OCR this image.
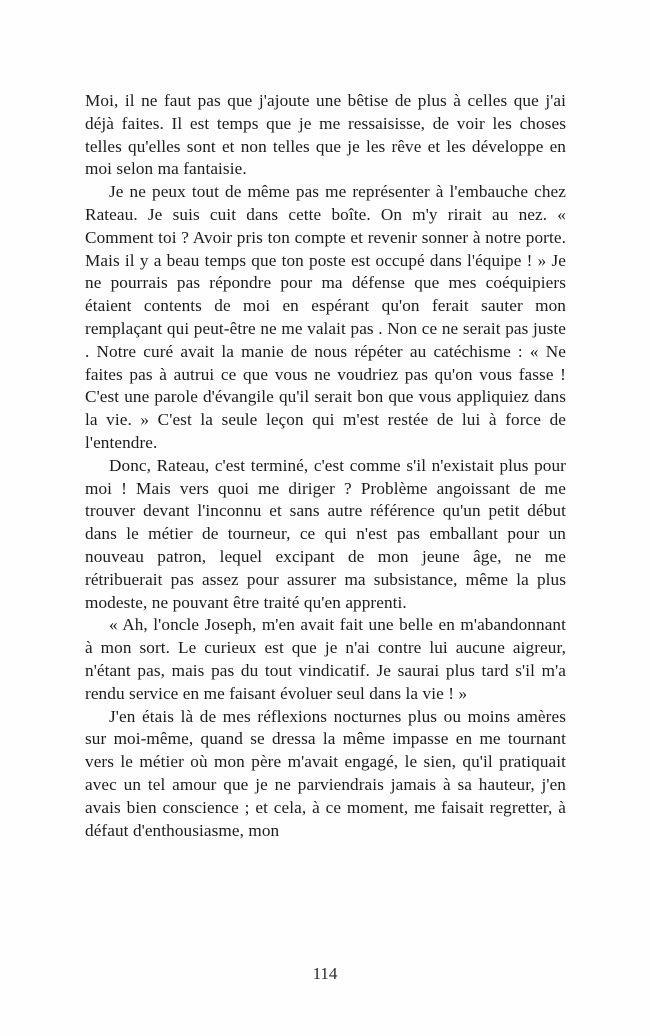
Moi, il ne faut pas que j'ajoute une bêtise de plus à celles que j'ai déjà faites. Il est temps que je me ressaisisse, de voir les choses telles qu'elles sont et non telles que je les rêve et les développe en moi selon ma fantaisie.

Je ne peux tout de même pas me représenter à l'embauche chez Rateau. Je suis cuit dans cette boîte. On m'y rirait au nez. « Comment toi ? Avoir pris ton compte et revenir sonner à notre porte. Mais il y a beau temps que ton poste est occupé dans l'équipe ! » Je ne pourrais pas répondre pour ma défense que mes coéquipiers étaient contents de moi en espérant qu'on ferait sauter mon remplaçant qui peut-être ne me valait pas . Non ce ne serait pas juste . Notre curé avait la manie de nous répéter au catéchisme : « Ne faites pas à autrui ce que vous ne voudriez pas qu'on vous fasse ! C'est une parole d'évangile qu'il serait bon que vous appliquiez dans la vie. » C'est la seule leçon qui m'est restée de lui à force de l'entendre.

Donc, Rateau, c'est terminé, c'est comme s'il n'existait plus pour moi ! Mais vers quoi me diriger ? Problème angoissant de me trouver devant l'inconnu et sans autre référence qu'un petit début dans le métier de tourneur, ce qui n'est pas emballant pour un nouveau patron, lequel excipant de mon jeune âge, ne me rétribuerait pas assez pour assurer ma subsistance, même la plus modeste, ne pouvant être traité qu'en apprenti.

« Ah, l'oncle Joseph, m'en avait fait une belle en m'abandonnant à mon sort. Le curieux est que je n'ai contre lui aucune aigreur, n'étant pas, mais pas du tout vindicatif. Je saurai plus tard s'il m'a rendu service en me faisant évoluer seul dans la vie ! »

J'en étais là de mes réflexions nocturnes plus ou moins amères sur moi-même, quand se dressa la même impasse en me tournant vers le métier où mon père m'avait engagé, le sien, qu'il pratiquait avec un tel amour que je ne parviendrais jamais à sa hauteur, j'en avais bien conscience ; et cela, à ce moment, me faisait regretter, à défaut d'enthousiasme, mon

114
